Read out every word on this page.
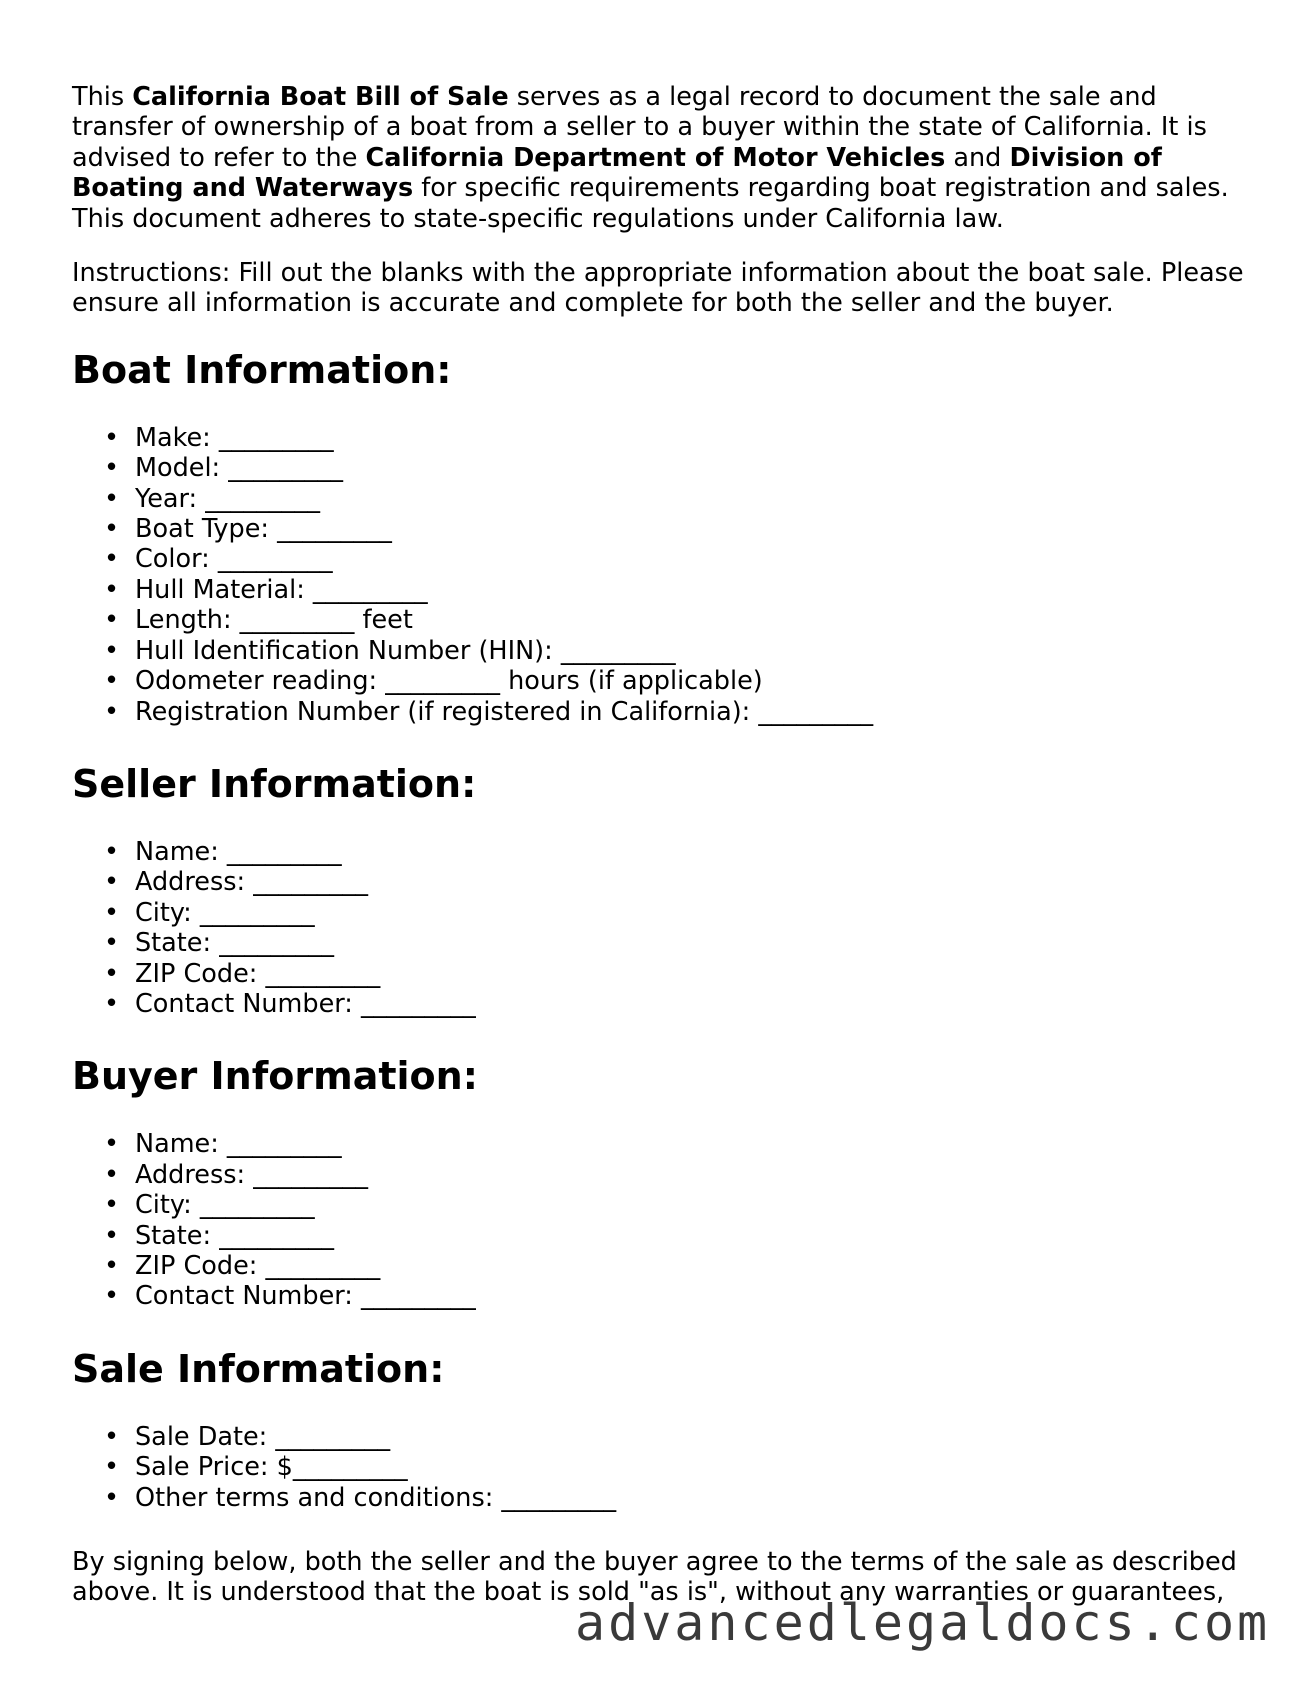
This California Boat Bill of Sale serves as a legal record to document the sale and transfer of ownership of a boat from a seller to a buyer within the state of California. It is advised to refer to the California Department of Motor Vehicles and Division of Boating and Waterways for specific requirements regarding boat registration and sales. This document adheres to state-specific regulations under California law.

Instructions: Fill out the blanks with the appropriate information about the boat sale. Please ensure all information is accurate and complete for both the seller and the buyer.

Boat Information:
• Make: _________
• Model: _________
• Year: _________
• Boat Type: _________
• Color: _________
• Hull Material: _________
• Length: _________ feet
• Hull Identification Number (HIN): _________
• Odometer reading: _________ hours (if applicable)
• Registration Number (if registered in California): _________
Seller Information:
• Name: _________
• Address: _________
• City: _________
• State: _________
• ZIP Code: _________
• Contact Number: _________
Buyer Information:
• Name: _________
• Address: _________
• City: _________
• State: _________
• ZIP Code: _________
• Contact Number: _________
Sale Information:
• Sale Date: _________
• Sale Price: $_________
• Other terms and conditions: _________

By signing below, both the seller and the buyer agree to the terms of the sale as described above. It is understood that the boat is sold "as is", without any warranties or guarantees,

advancedlegaldocs.com
